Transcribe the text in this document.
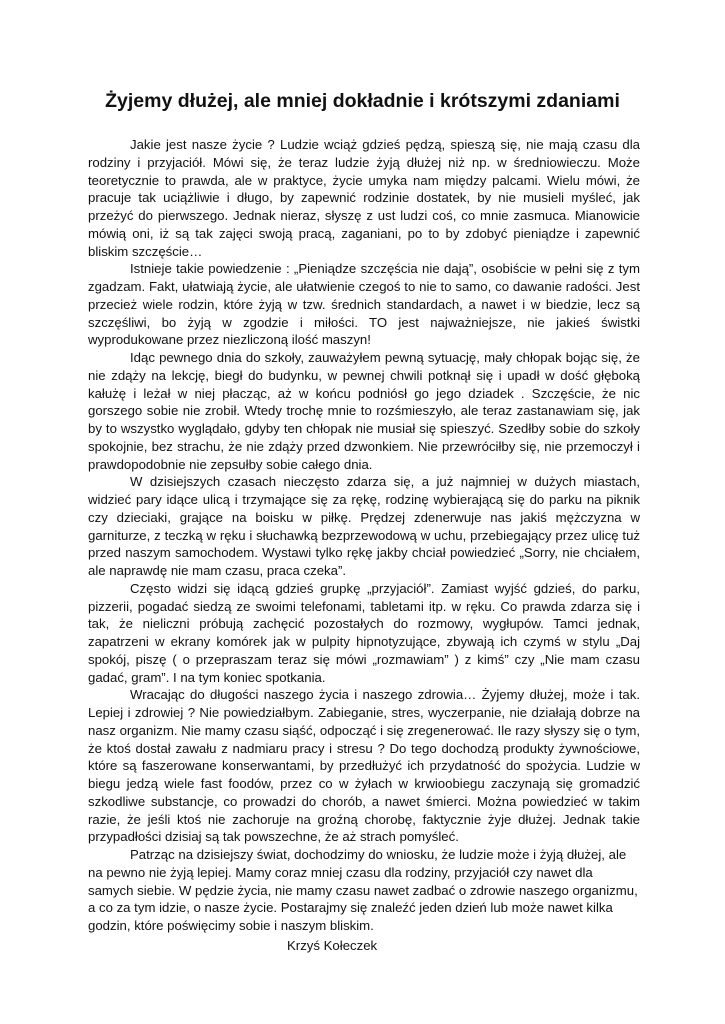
Żyjemy dłużej, ale mniej dokładnie i krótszymi zdaniami

Jakie jest nasze życie ? Ludzie wciąż gdzieś pędzą, spieszą się, nie mają czasu dla rodziny i przyjaciół. Mówi się, że teraz ludzie żyją dłużej niż np. w średniowieczu. Może teoretycznie to prawda, ale w praktyce, życie umyka nam między palcami. Wielu mówi, że pracuje tak uciążliwie i długo, by zapewnić rodzinie dostatek, by nie musieli myśleć, jak przeżyć do pierwszego. Jednak nieraz, słyszę z ust ludzi coś, co mnie zasmuca. Mianowicie mówią oni, iż są tak zajęci swoją pracą, zaganiani, po to by zdobyć pieniądze i zapewnić bliskim szczęście…

Istnieje takie powiedzenie : „Pieniądze szczęścia nie dają”, osobiście w pełni się z tym zgadzam. Fakt, ułatwiają życie, ale ułatwienie czegoś to nie to samo, co dawanie radości. Jest przecież wiele rodzin, które żyją w tzw. średnich standardach, a nawet i w biedzie, lecz są szczęśliwi, bo żyją w zgodzie i miłości. TO jest najważniejsze, nie jakieś świstki wyprodukowane przez niezliczoną ilość maszyn!

Idąc pewnego dnia do szkoły, zauważyłem pewną sytuację, mały chłopak bojąc się, że nie zdąży na lekcję, biegł do budynku, w pewnej chwili potknął się i upadł w dość głęboką kałużę i leżał w niej płacząc, aż w końcu podniósł go jego dziadek . Szczęście, że nic gorszego sobie nie zrobił. Wtedy trochę mnie to rozśmieszyło, ale teraz zastanawiam się, jak by to wszystko wyglądało, gdyby ten chłopak nie musiał się spieszyć. Szedłby sobie do szkoły spokojnie, bez strachu, że nie zdąży przed dzwonkiem. Nie przewróciłby się, nie przemoczył i prawdopodobnie nie zepsułby sobie całego dnia.

W dzisiejszych czasach nieczęsto zdarza się, a już najmniej w dużych miastach, widzieć pary idące ulicą i trzymające się za rękę, rodzinę wybierającą się do parku na piknik czy dzieciaki, grające na boisku w piłkę. Prędzej zdenerwuje nas jakiś mężczyzna w garniturze, z teczką w ręku i słuchawką bezprzewodową w uchu, przebiegający przez ulicę tuż przed naszym samochodem. Wystawi tylko rękę jakby chciał powiedzieć „Sorry, nie chciałem, ale naprawdę nie mam czasu, praca czeka”.

Często widzi się idącą gdzieś grupkę „przyjaciół”. Zamiast wyjść gdzieś, do parku, pizzerii, pogadać siedzą ze swoimi telefonami, tabletami itp. w ręku. Co prawda zdarza się i tak, że nieliczni próbują zachęcić pozostałych do rozmowy, wygłupów. Tamci jednak, zapatrzeni w ekrany komórek jak w pulpity hipnotyzujące, zbywają ich czymś w stylu „Daj spokój, piszę ( o przepraszam teraz się mówi „rozmawiam” ) z kimś” czy „Nie mam czasu gadać, gram”. I na tym koniec spotkania.

Wracając do długości naszego życia i naszego zdrowia… Żyjemy dłużej, może i tak. Lepiej i zdrowiej ? Nie powiedziałbym. Zabieganie, stres, wyczerpanie, nie działają dobrze na nasz organizm. Nie mamy czasu siąść, odpocząć i się zregenerować. Ile razy słyszy się o tym, że ktoś dostał zawału z nadmiaru pracy i stresu ? Do tego dochodzą produkty żywnościowe, które są faszerowane konserwantami, by przedłużyć ich przydatność do spożycia. Ludzie w biegu jedzą wiele fast foodów, przez co w żyłach w krwioobiegu zaczynają się gromadzić szkodliwe substancje, co prowadzi do chorób, a nawet śmierci. Można powiedzieć w takim razie, że jeśli ktoś nie zachoruje na groźną chorobę, faktycznie żyje dłużej. Jednak takie przypadłości dzisiaj są tak powszechne, że aż strach pomyśleć.

Patrząc na dzisiejszy świat, dochodzimy do wniosku, że ludzie może i żyją dłużej, ale na pewno nie żyją lepiej. Mamy coraz mniej czasu dla rodziny, przyjaciół czy nawet dla samych siebie. W pędzie życia, nie mamy czasu nawet zadbać o zdrowie naszego organizmu, a co za tym idzie, o nasze życie. Postarajmy się znaleźć jeden dzień lub może nawet kilka godzin, które poświęcimy sobie i naszym bliskim.

Krzyś Kołeczek
